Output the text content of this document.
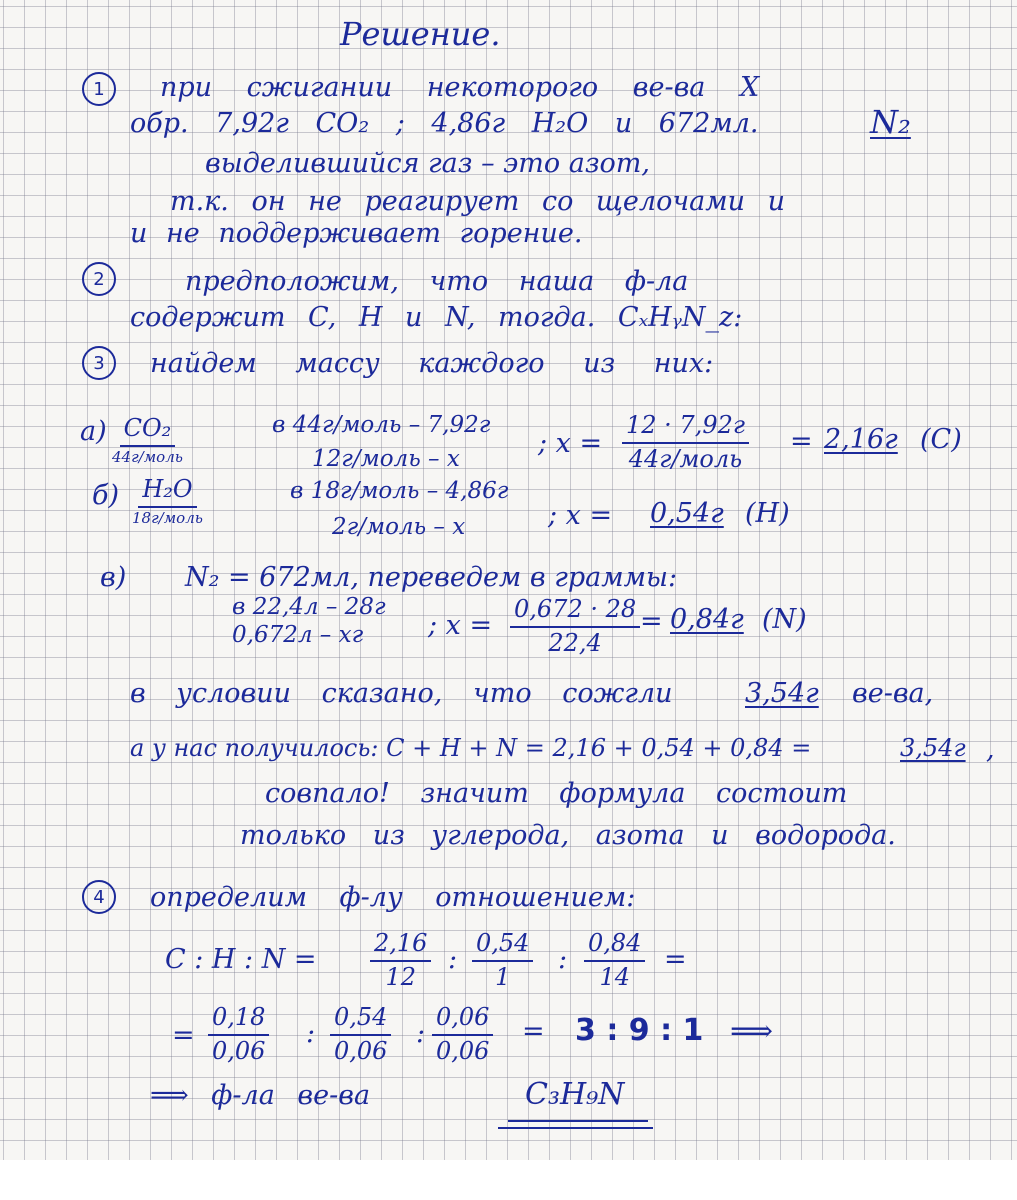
Решение.
1	при сжигании некоторого ве-ва X
обр. 7,92г CO₂ ; 4,86г H₂O и 672мл.	N₂
выделившийся газ – это азот,
т.к. он не реагирует со щелочами и
и не поддерживает горение.
2	предположим, что наша ф-ла
содержит C, H и N, тогда. CₓHᵧN_z:
3	найдем массу каждого из них:
а) CO₂
44г/моль
в 44г/моль – 7,92г
12г/моль – x	; x =
12 · 7,92г
44г/моль
= 2,16г (C)
б) H₂O
18г/моль
в 18г/моль – 4,86г
2г/моль – x	; x = 0,54г (H)
в) N₂ = 672мл, переведем в граммы:
в 22,4л – 28г
0,672л – xг ; $x = \frac{0,672 \cdot 28}{22,4} = 0,84г$ (N)
в условии сказано, что сожгли	3,54г ве-ва,
а у нас получилось: C + H + N = 2,16 + 0,54 + 0,84 =	3,54г ,
совпало! значит формула состоит
только из углерода, азота и водорода.
4	определим ф-лу отношением:
C : H : $N = \frac{2,16}{12}$ : $\frac{0,54}{1}$ : $\frac{0,84}{14}$ =
= $\frac{0,18}{0,06}$ : $\frac{0,54}{0,06}$ : $\frac{0,06}{0,06} = 3$ : 9 : 1 ⟹
⟹ ф-ла ве-ва	C₃H₉N
